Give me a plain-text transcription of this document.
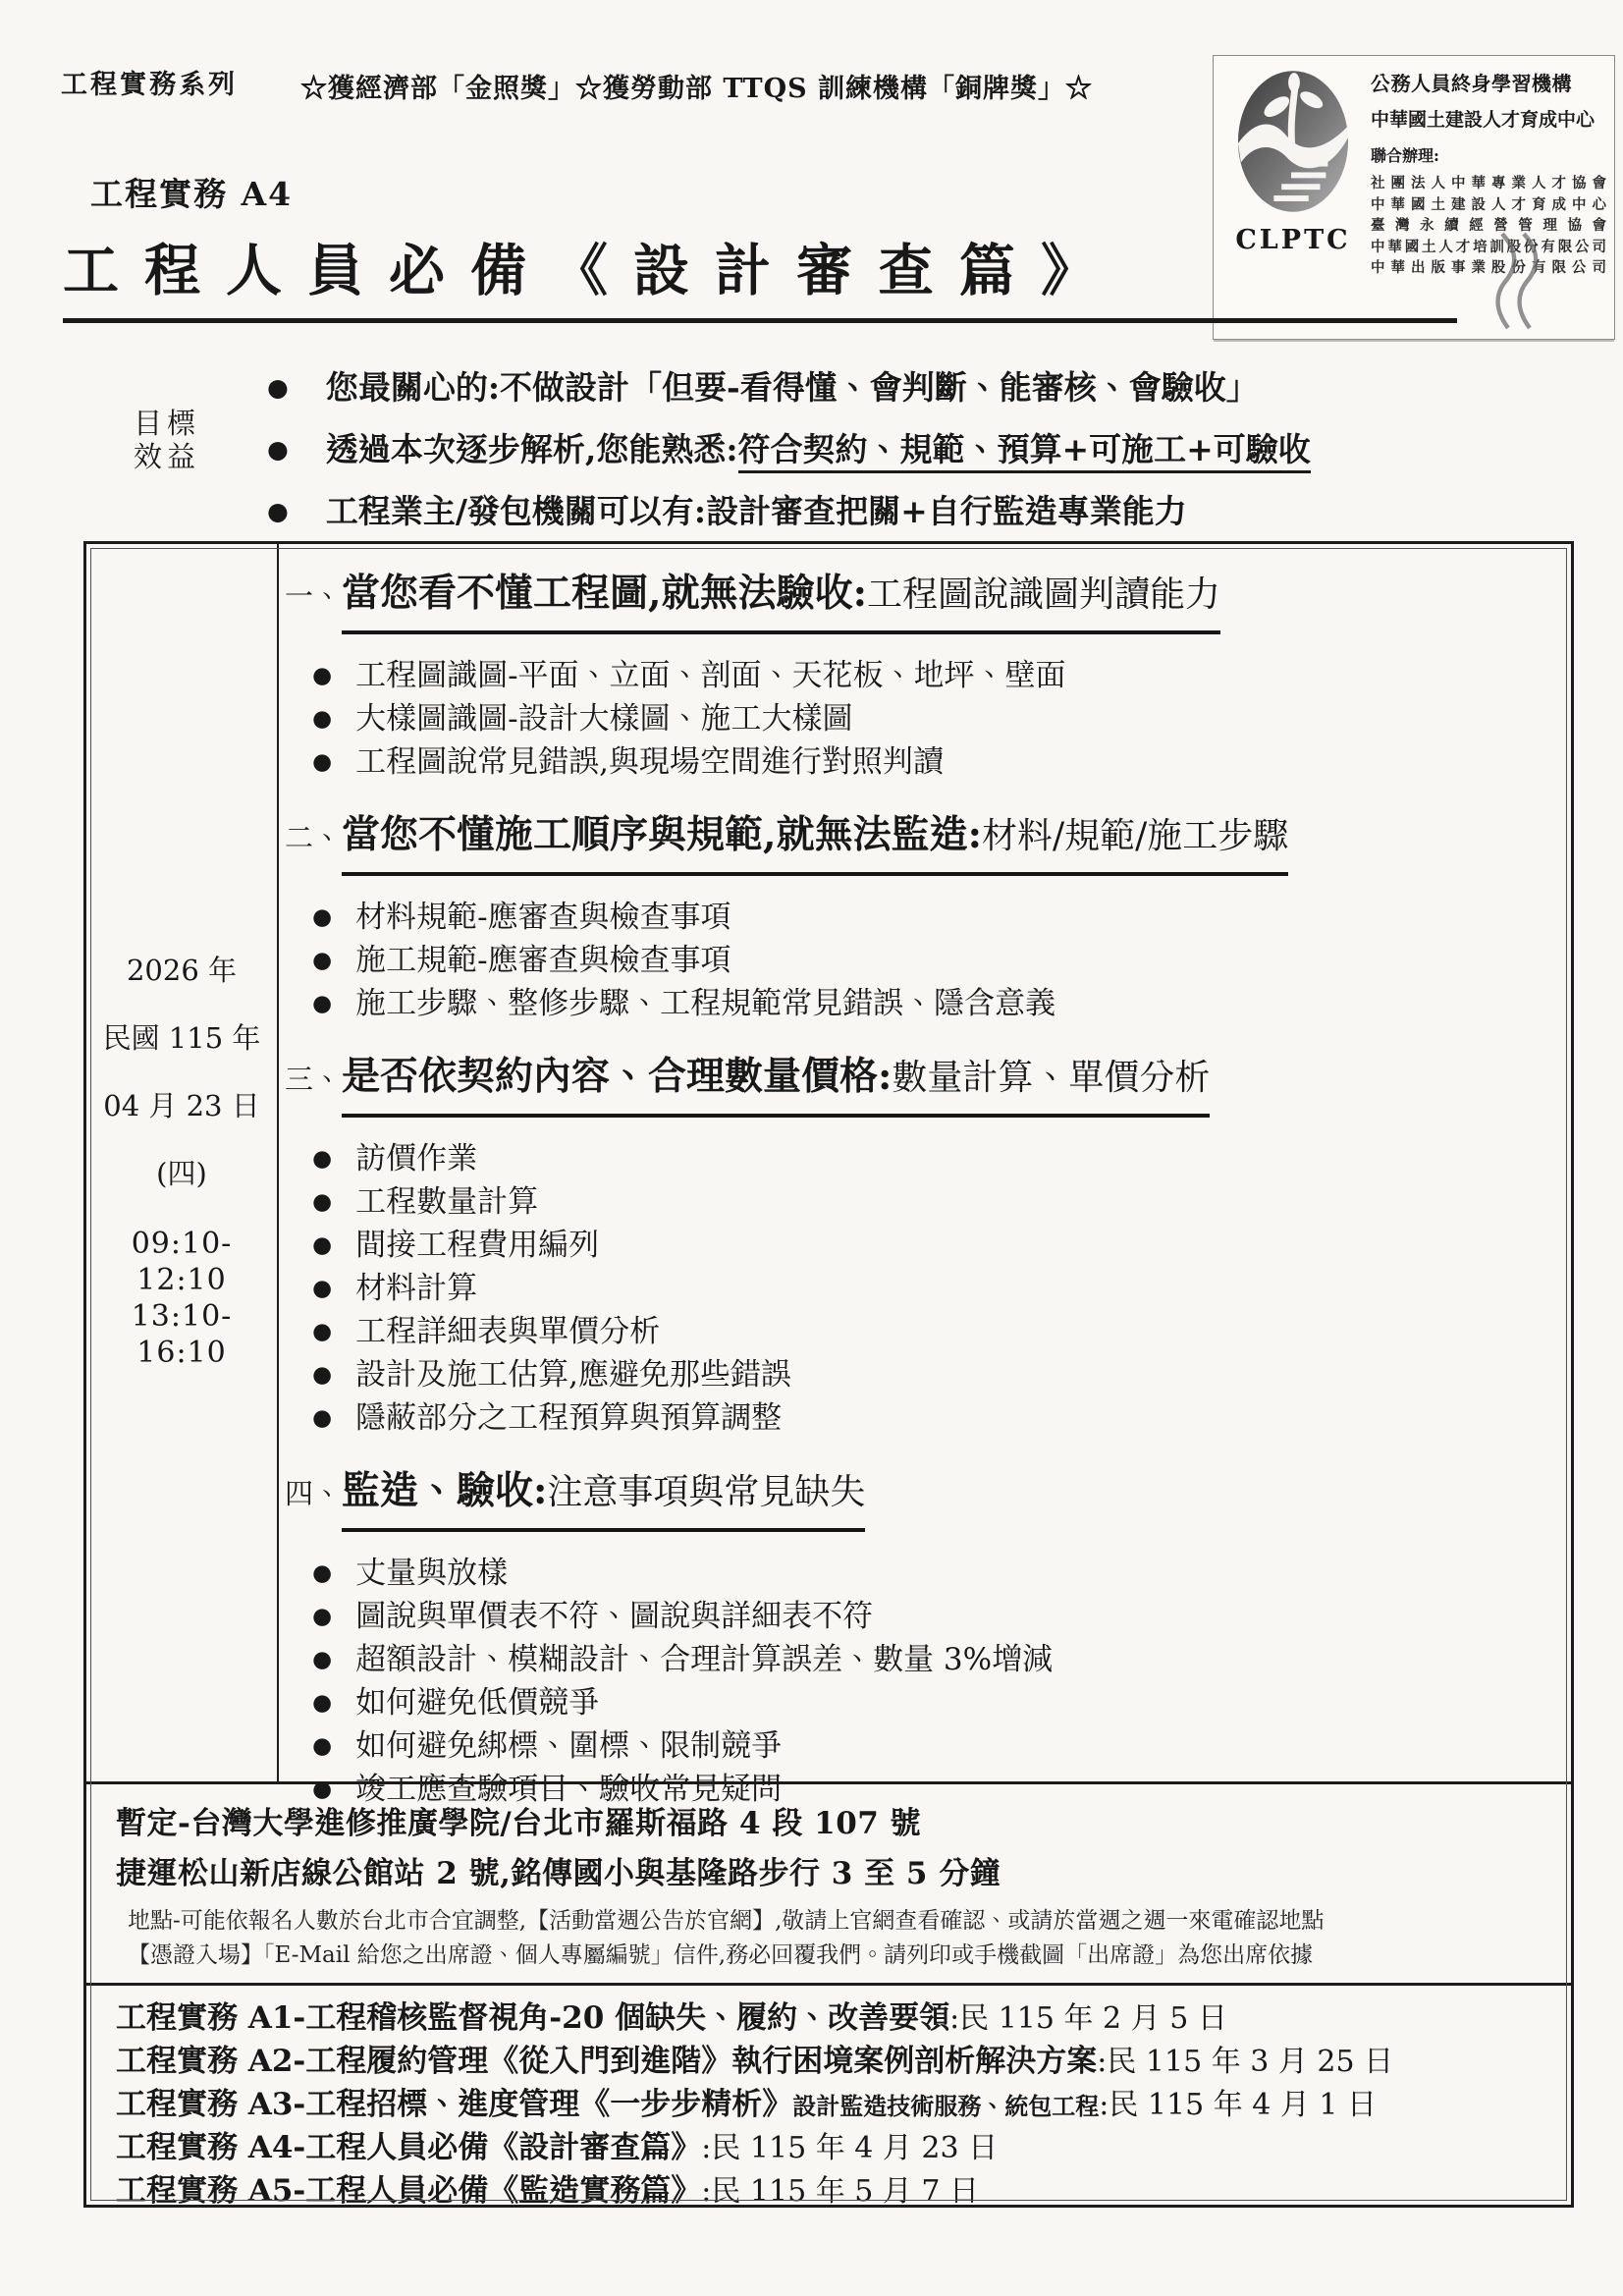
工程實務系列 ☆獲經濟部「金照獎」☆獲勞動部 TTQS 訓練機構「銅牌獎」☆
CLPTC
公務人員終身學習機構
中華國土建設人才育成中心
聯合辦理:
社團法人中華專業人才協會
中華國土建設人才育成中心
臺灣永續經營管理協會
中華國土人才培訓股份有限公司
中華出版事業股份有限公司
工程實務 A4
工程人員必備《設計審查篇》
目標
效益
● 您最關心的:不做設計「但要-看得懂、會判斷、能審核、會驗收」
● 透過本次逐步解析,您能熟悉:符合契約、規範、預算+可施工+可驗收
● 工程業主/發包機關可以有:設計審查把關+自行監造專業能力

2026 年

民國 115 年

04 月 23 日

(四)

09:10-12:10

13:10-16:10

一、 當您看不懂工程圖,就無法驗收:工程圖說識圖判讀能力
● 工程圖識圖-平面、立面、剖面、天花板、地坪、壁面
● 大樣圖識圖-設計大樣圖、施工大樣圖
● 工程圖說常見錯誤,與現場空間進行對照判讀
二、 當您不懂施工順序與規範,就無法監造:材料/規範/施工步驟
● 材料規範-應審查與檢查事項
● 施工規範-應審查與檢查事項
● 施工步驟、整修步驟、工程規範常見錯誤、隱含意義
三、 是否依契約內容、合理數量價格:數量計算、單價分析
● 訪價作業
● 工程數量計算
● 間接工程費用編列
● 材料計算
● 工程詳細表與單價分析
● 設計及施工估算,應避免那些錯誤
● 隱蔽部分之工程預算與預算調整
四、 監造、驗收:注意事項與常見缺失
● 丈量與放樣
● 圖說與單價表不符、圖說與詳細表不符
● 超額設計、模糊設計、合理計算誤差、數量 3%增減
● 如何避免低價競爭
● 如何避免綁標、圍標、限制競爭
● 竣工應查驗項目、驗收常見疑問

暫定-台灣大學進修推廣學院/台北市羅斯福路 4 段 107 號

捷運松山新店線公館站 2 號,銘傳國小與基隆路步行 3 至 5 分鐘

地點-可能依報名人數於台北市合宜調整,【活動當週公告於官網】,敬請上官網查看確認、或請於當週之週一來電確認地點

【憑證入場】「E-Mail 給您之出席證、個人專屬編號」信件,務必回覆我們。請列印或手機截圖「出席證」為您出席依據

工程實務 A1-工程稽核監督視角-20 個缺失、履約、改善要領:民 115 年 2 月 5 日

工程實務 A2-工程履約管理《從入門到進階》執行困境案例剖析解決方案:民 115 年 3 月 25 日

工程實務 A3-工程招標、進度管理《一步步精析》設計監造技術服務、統包工程:民 115 年 4 月 1 日

工程實務 A4-工程人員必備《設計審查篇》:民 115 年 4 月 23 日

工程實務 A5-工程人員必備《監造實務篇》:民 115 年 5 月 7 日
